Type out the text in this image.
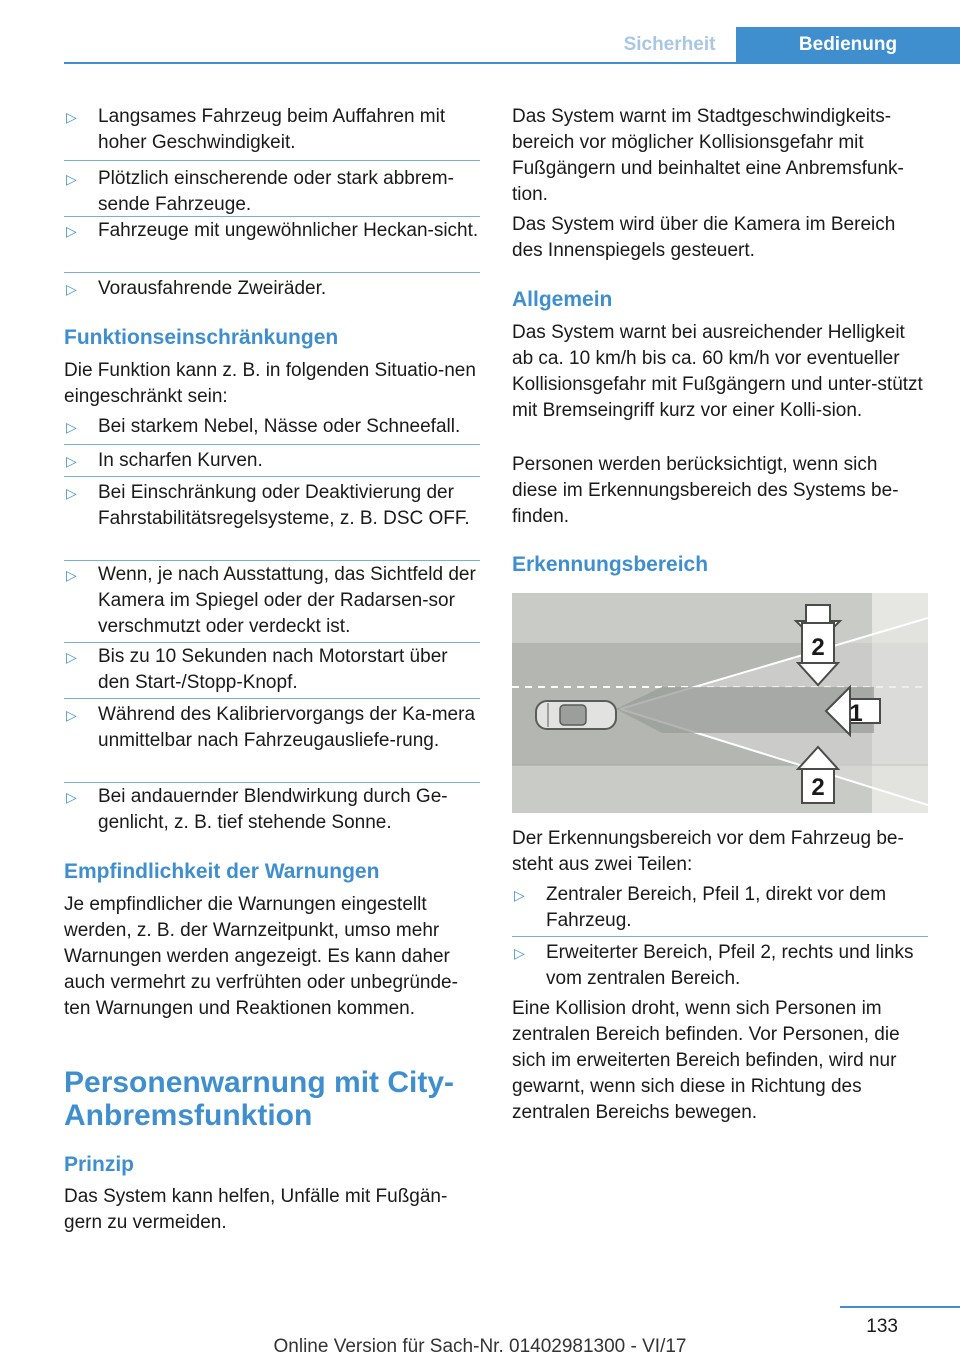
Sicherheit	Bedienung
▷ Langsames Fahrzeug beim Auffahren mit hoher Geschwindigkeit.
▷ Plötzlich einscherende oder stark abbrem‐sende Fahrzeuge.
▷ Fahrzeuge mit ungewöhnlicher Heckan‐sicht.
▷ Vorausfahrende Zweiräder.
Funktionseinschränkungen
Die Funktion kann z. B. in folgenden Situatio‐nen eingeschränkt sein:
▷ Bei starkem Nebel, Nässe oder Schneefall.
▷ In scharfen Kurven.
▷ Bei Einschränkung oder Deaktivierung der Fahrstabilitätsregelsysteme, z. B. DSC OFF.
▷ Wenn, je nach Ausstattung, das Sichtfeld der Kamera im Spiegel oder der Radarsen‐sor verschmutzt oder verdeckt ist.
▷ Bis zu 10 Sekunden nach Motorstart über den Start-/Stopp-Knopf.
▷ Während des Kalibriervorgangs der Ka‐mera unmittelbar nach Fahrzeugausliefe‐rung.
▷ Bei andauernder Blendwirkung durch Ge‐genlicht, z. B. tief stehende Sonne.
Empfindlichkeit der Warnungen
Je empfindlicher die Warnungen eingestellt werden, z. B. der Warnzeitpunkt, umso mehr Warnungen werden angezeigt. Es kann daher auch vermehrt zu verfrühten oder unbegründe‐ten Warnungen und Reaktionen kommen.
Personenwarnung mit City-Anbremsfunktion
Prinzip
Das System kann helfen, Unfälle mit Fußgän‐gern zu vermeiden.
Das System warnt im Stadtgeschwindigkeits‐bereich vor möglicher Kollisionsgefahr mit Fußgängern und beinhaltet eine Anbremsfunk‐tion.
Das System wird über die Kamera im Bereich des Innenspiegels gesteuert.
Allgemein
Das System warnt bei ausreichender Helligkeit ab ca. 10 km/h bis ca. 60 km/h vor eventueller Kollisionsgefahr mit Fußgängern und unter‐stützt mit Bremseingriff kurz vor einer Kolli‐sion.
Personen werden berücksichtigt, wenn sich diese im Erkennungsbereich des Systems be‐finden.
Erkennungsbereich
2
1
2
Der Erkennungsbereich vor dem Fahrzeug be‐steht aus zwei Teilen:
▷ Zentraler Bereich, Pfeil 1, direkt vor dem Fahrzeug.
▷ Erweiterter Bereich, Pfeil 2, rechts und links vom zentralen Bereich.
Eine Kollision droht, wenn sich Personen im zentralen Bereich befinden. Vor Personen, die sich im erweiterten Bereich befinden, wird nur gewarnt, wenn sich diese in Richtung des zentralen Bereichs bewegen.
133
Online Version für Sach-Nr. 01402981300 - VI/17
